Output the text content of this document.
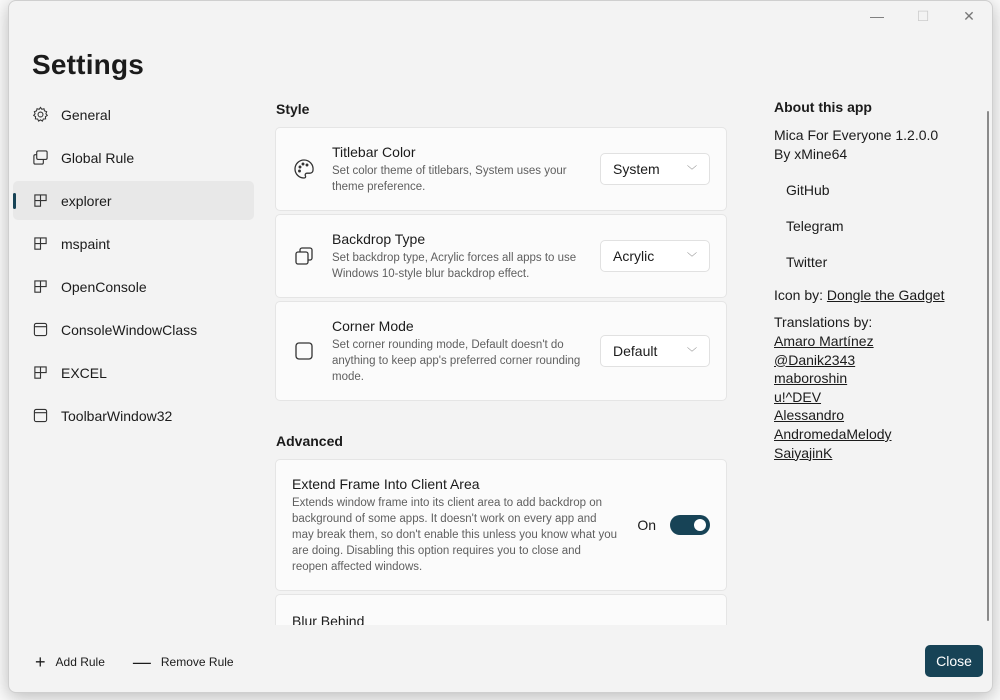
—	☐	✕
Settings
General
Global Rule
explorer
mspaint
OpenConsole
ConsoleWindowClass
EXCEL
ToolbarWindow32
+ Add Rule — Remove Rule
Style
Titlebar Color
Set color theme of titlebars, System uses your theme preference.
System	﹀
Backdrop Type
Set backdrop type, Acrylic forces all apps to use Windows 10-style blur backdrop effect.
Acrylic	﹀
Corner Mode
Set corner rounding mode, Default doesn't do anything to keep app's preferred corner rounding mode.
Default	﹀
Advanced
Extend Frame Into Client Area
Extends window frame into its client area to add backdrop on background of some apps. It doesn't work on every app and may break them, so don't enable this unless you know what you are doing. Disabling this option requires you to close and reopen affected windows.
On
Blur Behind
About this app
Mica For Everyone 1.2.0.0
By xMine64
GitHub
Telegram
Twitter
Icon by: Dongle the Gadget
Translations by:
Amaro Martínez
@Danik2343
maboroshin
u!^DEV
Alessandro
AndromedaMelody
SaiyajinK
Close
